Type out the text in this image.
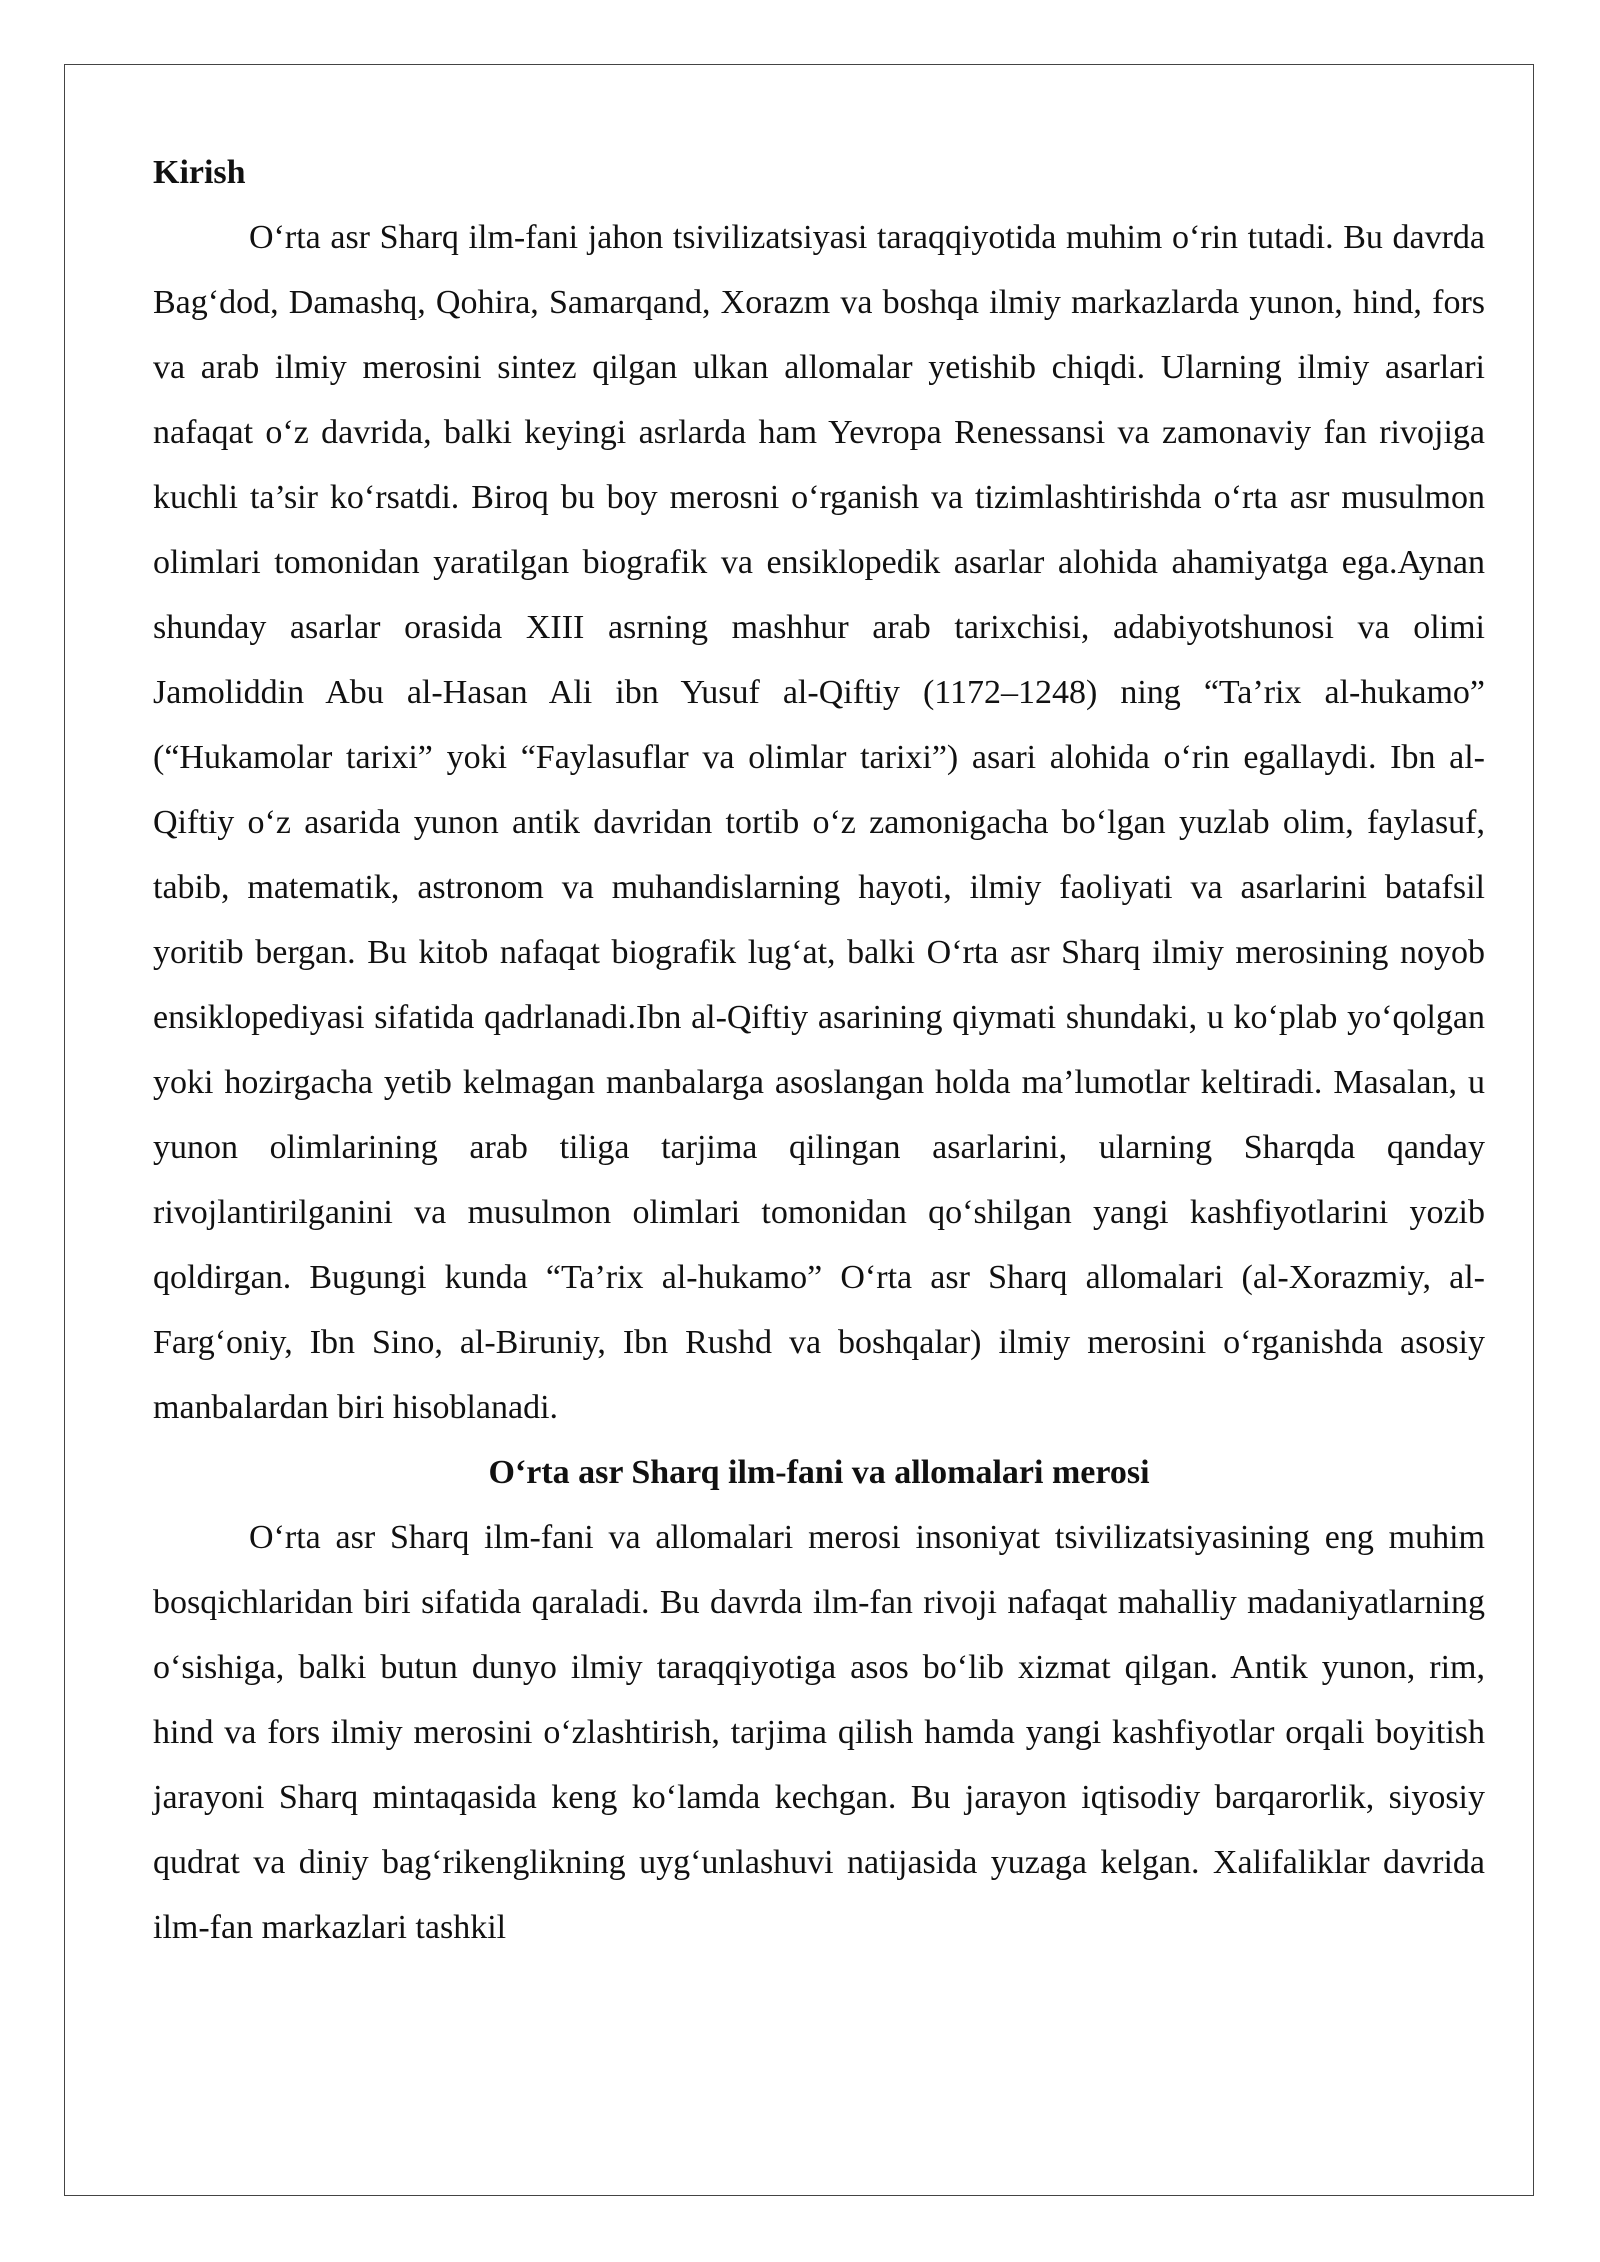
Kirish

O‘rta asr Sharq ilm-fani jahon tsivilizatsiyasi taraqqiyotida muhim o‘rin tutadi. Bu davrda Bag‘dod, Damashq, Qohira, Samarqand, Xorazm va boshqa ilmiy markazlarda yunon, hind, fors va arab ilmiy merosini sintez qilgan ulkan allomalar yetishib chiqdi. Ularning ilmiy asarlari nafaqat o‘z davrida, balki keyingi asrlarda ham Yevropa Renessansi va zamonaviy fan rivojiga kuchli ta’sir ko‘rsatdi. Biroq bu boy merosni o‘rganish va tizimlashtirishda o‘rta asr musulmon olimlari tomonidan yaratilgan biografik va ensiklopedik asarlar alohida ahamiyatga ega.Aynan shunday asarlar orasida XIII asrning mashhur arab tarixchisi, adabiyotshunosi va olimi Jamoliddin Abu al-Hasan Ali ibn Yusuf al-Qiftiy (1172–1248) ning “Ta’rix al-hukamo” (“Hukamolar tarixi” yoki “Faylasuflar va olimlar tarixi”) asari alohida o‘rin egallaydi. Ibn al-Qiftiy o‘z asarida yunon antik davridan tortib o‘z zamonigacha bo‘lgan yuzlab olim, faylasuf, tabib, matematik, astronom va muhandislarning hayoti, ilmiy faoliyati va asarlarini batafsil yoritib bergan. Bu kitob nafaqat biografik lug‘at, balki O‘rta asr Sharq ilmiy merosining noyob ensiklopediyasi sifatida qadrlanadi.Ibn al-Qiftiy asarining qiymati shundaki, u ko‘plab yo‘qolgan yoki hozirgacha yetib kelmagan manbalarga asoslangan holda ma’lumotlar keltiradi. Masalan, u yunon olimlarining arab tiliga tarjima qilingan asarlarini, ularning Sharqda qanday rivojlantirilganini va musulmon olimlari tomonidan qo‘shilgan yangi kashfiyotlarini yozib qoldirgan. Bugungi kunda “Ta’rix al-hukamo” O‘rta asr Sharq allomalari (al-Xorazmiy, al-Farg‘oniy, Ibn Sino, al-Biruniy, Ibn Rushd va boshqalar) ilmiy merosini o‘rganishda asosiy manbalardan biri hisoblanadi.

O‘rta asr Sharq ilm-fani va allomalari merosi

O‘rta asr Sharq ilm-fani va allomalari merosi insoniyat tsivilizatsiyasining eng muhim bosqichlaridan biri sifatida qaraladi. Bu davrda ilm-fan rivoji nafaqat mahalliy madaniyatlarning o‘sishiga, balki butun dunyo ilmiy taraqqiyotiga asos bo‘lib xizmat qilgan. Antik yunon, rim, hind va fors ilmiy merosini o‘zlashtirish, tarjima qilish hamda yangi kashfiyotlar orqali boyitish jarayoni Sharq mintaqasida keng ko‘lamda kechgan. Bu jarayon iqtisodiy barqarorlik, siyosiy qudrat va diniy bag‘rikenglikning uyg‘unlashuvi natijasida yuzaga kelgan. Xalifaliklar davrida ilm-fan markazlari tashkil
